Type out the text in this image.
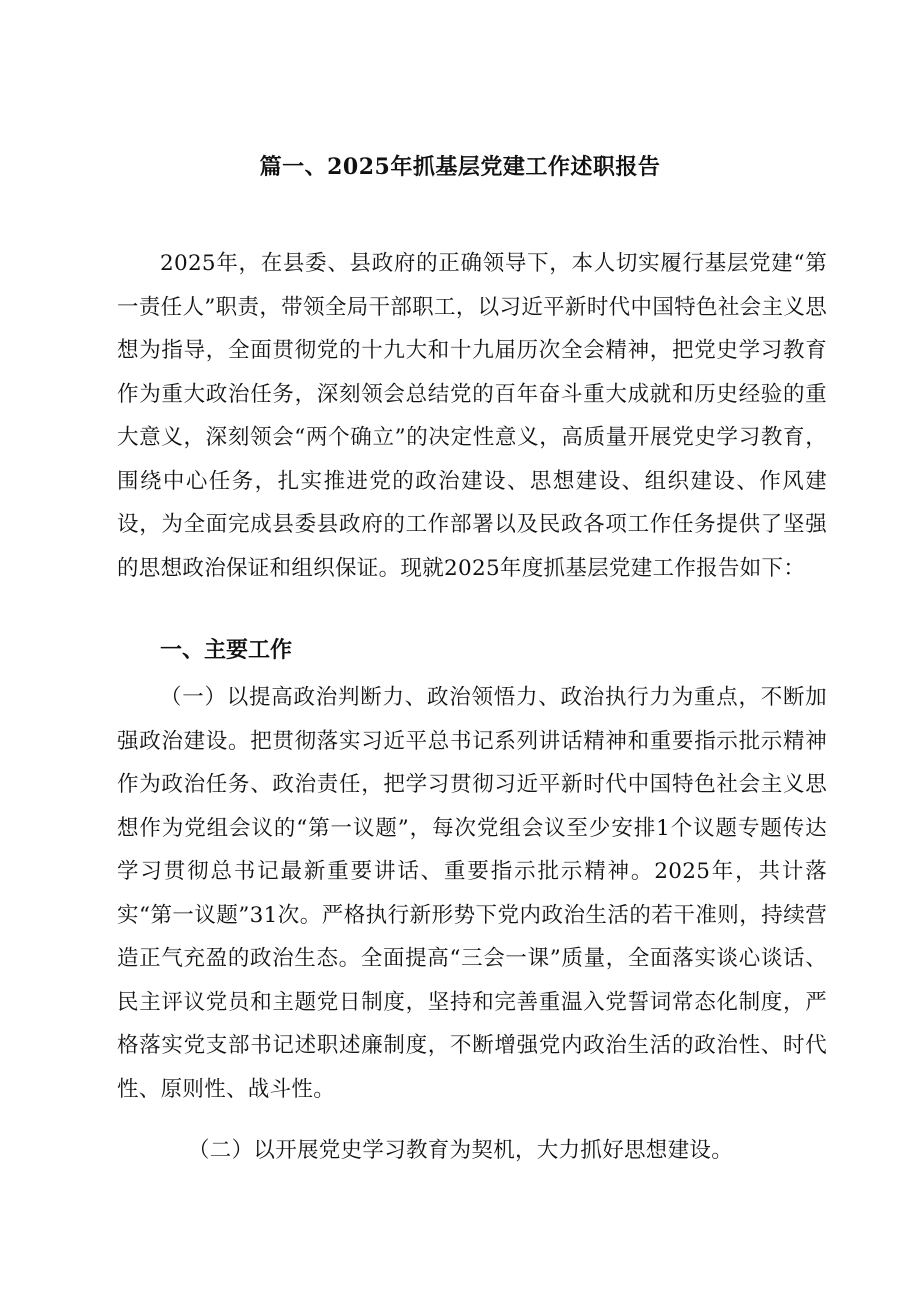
篇一、2025年抓基层党建工作述职报告

2025年，在县委、县政府的正确领导下，本人切实履行基层党建“第一责任人”职责，带领全局干部职工，以习近平新时代中国特色社会主义思想为指导，全面贯彻党的十九大和十九届历次全会精神，把党史学习教育作为重大政治任务，深刻领会总结党的百年奋斗重大成就和历史经验的重大意义，深刻领会“两个确立”的决定性意义，高质量开展党史学习教育，围绕中心任务，扎实推进党的政治建设、思想建设、组织建设、作风建设，为全面完成县委县政府的工作部署以及民政各项工作任务提供了坚强的思想政治保证和组织保证。现就2025年度抓基层党建工作报告如下：

一、主要工作

（一）以提高政治判断力、政治领悟力、政治执行力为重点，不断加强政治建设。把贯彻落实习近平总书记系列讲话精神和重要指示批示精神作为政治任务、政治责任，把学习贯彻习近平新时代中国特色社会主义思想作为党组会议的“第一议题”，每次党组会议至少安排1个议题专题传达学习贯彻总书记最新重要讲话、重要指示批示精神。2025年，共计落实“第一议题”31次。严格执行新形势下党内政治生活的若干准则，持续营造正气充盈的政治生态。全面提高“三会一课”质量，全面落实谈心谈话、民主评议党员和主题党日制度，坚持和完善重温入党誓词常态化制度，严格落实党支部书记述职述廉制度，不断增强党内政治生活的政治性、时代性、原则性、战斗性。

（二）以开展党史学习教育为契机，大力抓好思想建设。
